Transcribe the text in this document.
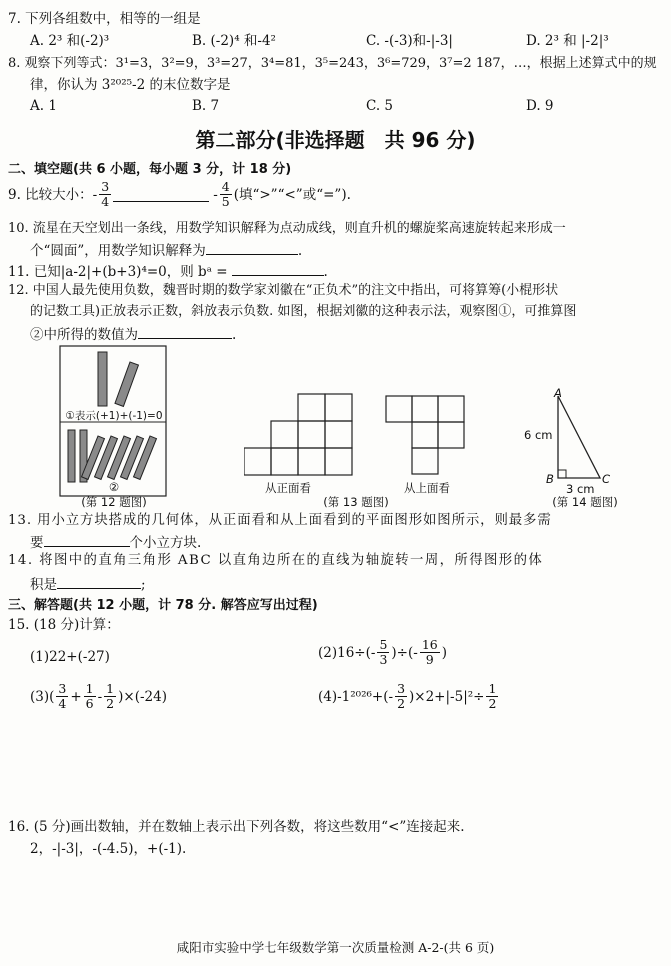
7. 下列各组数中，相等的一组是
A. 2³ 和(-2)³	B. (-2)⁴ 和-4²	C. -(-3)和-|-3|	D. 2³ 和 |-2|³
8. 观察下列等式：3¹=3，3²=9，3³=27，3⁴=81，3⁵=243，3⁶=729，3⁷=2 187，…，根据上述算式中的规
律，你认为 3²⁰²⁵-2 的末位数字是
A. 1	B. 7	C. 5	D. 9
第二部分(非选择题　共 96 分)
二、填空题(共 6 小题，每小题 3 分，计 18 分)
9. 比较大小：- $\frac{3}{4}$	- $\frac{4}{5}$ (填“>”“<”或“=”).
10. 流星在天空划出一条线，用数学知识解释为点动成线，则直升机的螺旋桨高速旋转起来形成一
个“圆面”，用数学知识解释为	.
11. 已知|a-2|+(b+3)⁴=0，则 bᵃ =	.
12. 中国人最先使用负数，魏晋时期的数学家刘徽在“正负术”的注文中指出，可将算筹(小棍形状
的记数工具)正放表示正数，斜放表示负数. 如图，根据刘徽的这种表示法，观察图①，可推算图
②中所得的数值为	.
①表示(+1)+(-1)=0
②
(第 12 题图)
从正面看	从上面看
(第 13 题图)
A
B	C
6 cm
3 cm
(第 14 题图)
13. 用小立方块搭成的几何体，从正面看和从上面看到的平面图形如图所示，则最多需
要	个小立方块.
14. 将图中的直角三角形 ABC 以直角边所在的直线为轴旋转一周，所得图形的体
积是	;
三、解答题(共 12 小题，计 78 分. 解答应写出过程)
15. (18 分)计算：
(1)22+(-27)	$(2)16\div(- \frac{5}{3}$ )÷(- $\frac{16}{9}$ )
$(3)( \frac{3}{4} + \frac{1}{6} - \frac{1}{2} )\times(-24)$	$(4)-1^{2026}+(- \frac{3}{2} )\times 2+|-5|^2\div \frac{1}{2}$
16. (5 分)画出数轴，并在数轴上表示出下列各数，将这些数用“<”连接起来.
2，-|-3|，-(-4.5)，+(-1).
咸阳市实验中学七年级数学第一次质量检测 A-2-(共 6 页)
